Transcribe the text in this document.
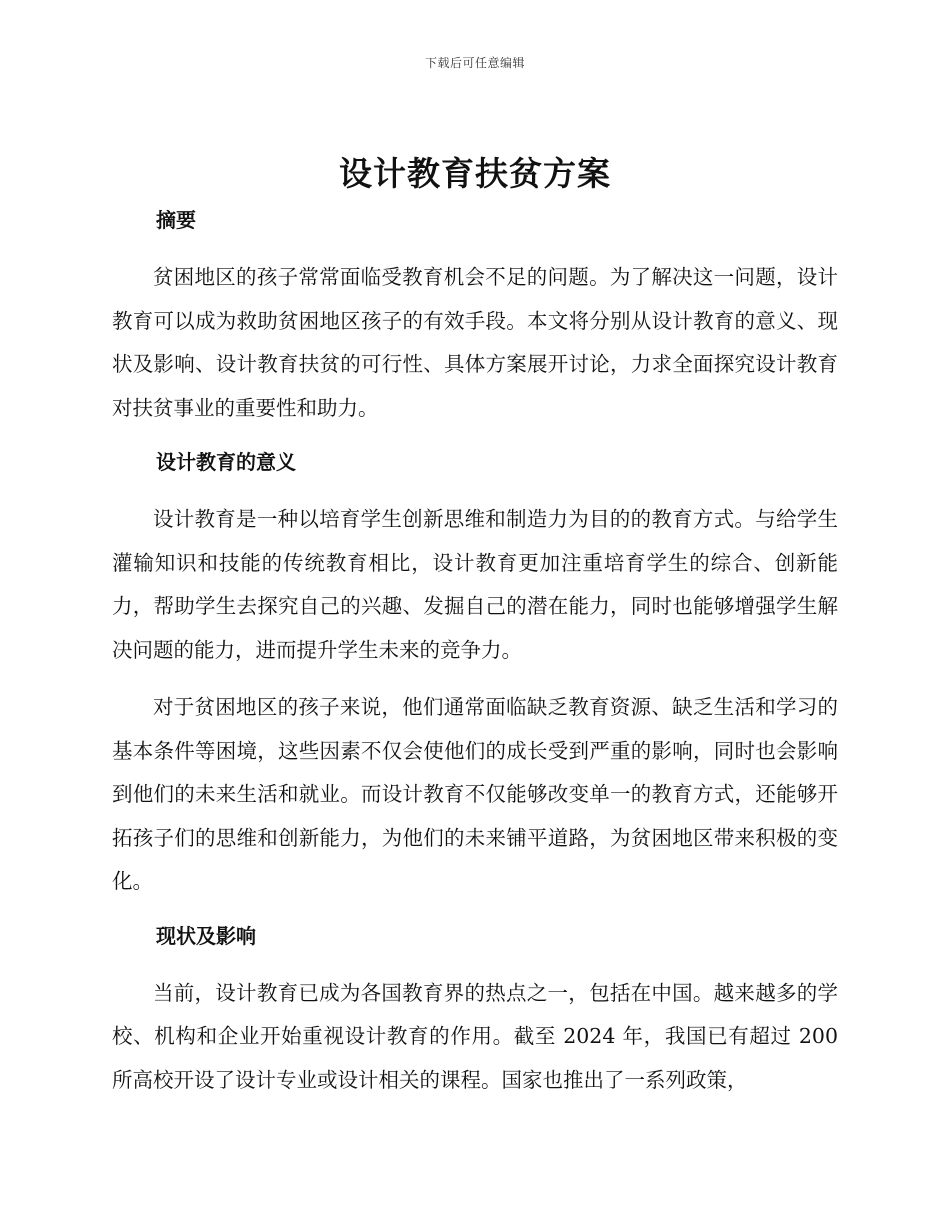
下载后可任意编辑
设计教育扶贫方案
摘要

贫困地区的孩子常常面临受教育机会不足的问题。为了解决这一问题，设计教育可以成为救助贫困地区孩子的有效手段。本文将分别从设计教育的意义、现状及影响、设计教育扶贫的可行性、具体方案展开讨论，力求全面探究设计教育对扶贫事业的重要性和助力。

设计教育的意义

设计教育是一种以培育学生创新思维和制造力为目的的教育方式。与给学生灌输知识和技能的传统教育相比，设计教育更加注重培育学生的综合、创新能力，帮助学生去探究自己的兴趣、发掘自己的潜在能力，同时也能够增强学生解决问题的能力，进而提升学生未来的竞争力。

对于贫困地区的孩子来说，他们通常面临缺乏教育资源、缺乏生活和学习的基本条件等困境，这些因素不仅会使他们的成长受到严重的影响，同时也会影响到他们的未来生活和就业。而设计教育不仅能够改变单一的教育方式，还能够开拓孩子们的思维和创新能力，为他们的未来铺平道路，为贫困地区带来积极的变化。

现状及影响

当前，设计教育已成为各国教育界的热点之一，包括在中国。越来越多的学校、机构和企业开始重视设计教育的作用。截至 2024 年，我国已有超过 200 所高校开设了设计专业或设计相关的课程。国家也推出了一系列政策，
